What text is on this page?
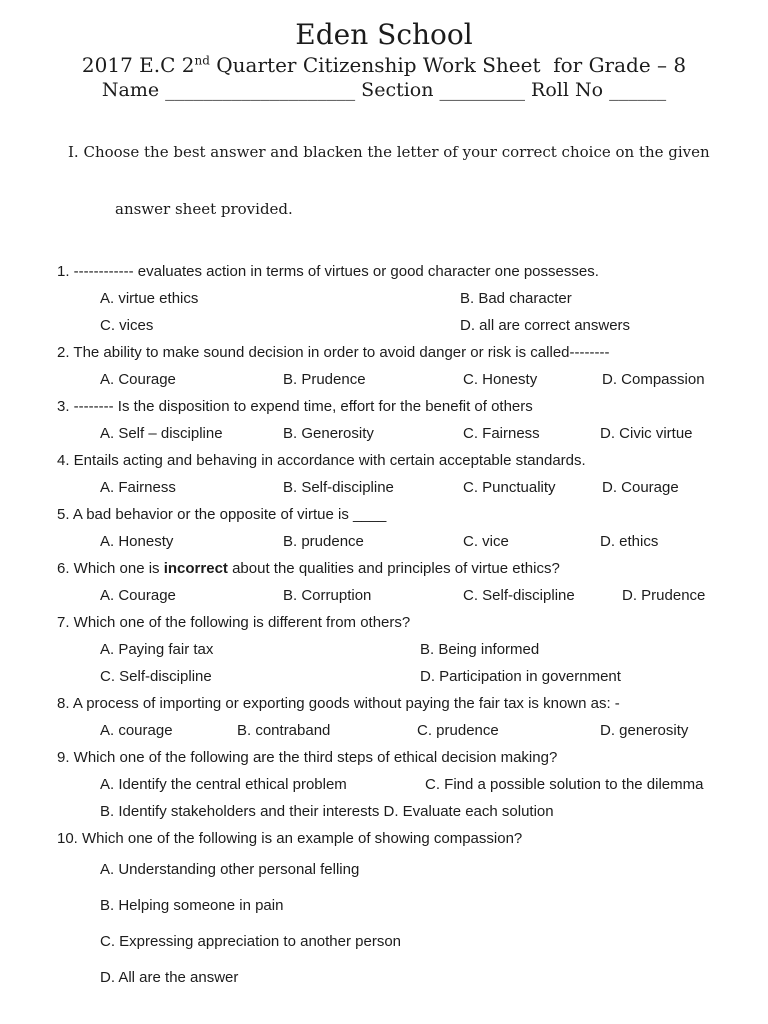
Eden School
2017 E.C 2nd Quarter Citizenship Work Sheet  for Grade – 8
Name ____________________ Section _________ Roll No ______

I. Choose the best answer and blacken the letter of your correct choice on the given

answer sheet provided.

1. ------------ evaluates action in terms of virtues or good character one possesses.
A. virtue ethics	B. Bad character
C. vices	D. all are correct answers
2. The ability to make sound decision in order to avoid danger or risk is called--------
A. Courage	B. Prudence	C. Honesty	D. Compassion
3. -------- Is the disposition to expend time, effort for the benefit of others
A. Self – discipline	B. Generosity	C. Fairness	D. Civic virtue
4. Entails acting and behaving in accordance with certain acceptable standards.
A. Fairness	B. Self-discipline	C. Punctuality	D. Courage
5. A bad behavior or the opposite of virtue is ____
A. Honesty	B. prudence	C. vice	D. ethics
6. Which one is incorrect about the qualities and principles of virtue ethics?
A. Courage	B. Corruption	C. Self-discipline	D. Prudence
7. Which one of the following is different from others?
A. Paying fair tax	B. Being informed
C. Self-discipline	D. Participation in government
8. A process of importing or exporting goods without paying the fair tax is known as: -
A. courage	B. contraband	C. prudence	D. generosity
9. Which one of the following are the third steps of ethical decision making?
A. Identify the central ethical problem	C. Find a possible solution to the dilemma
B. Identify stakeholders and their interests D. Evaluate each solution
10. Which one of the following is an example of showing compassion?
A. Understanding other personal felling
B. Helping someone in pain
C. Expressing appreciation to another person
D. All are the answer
